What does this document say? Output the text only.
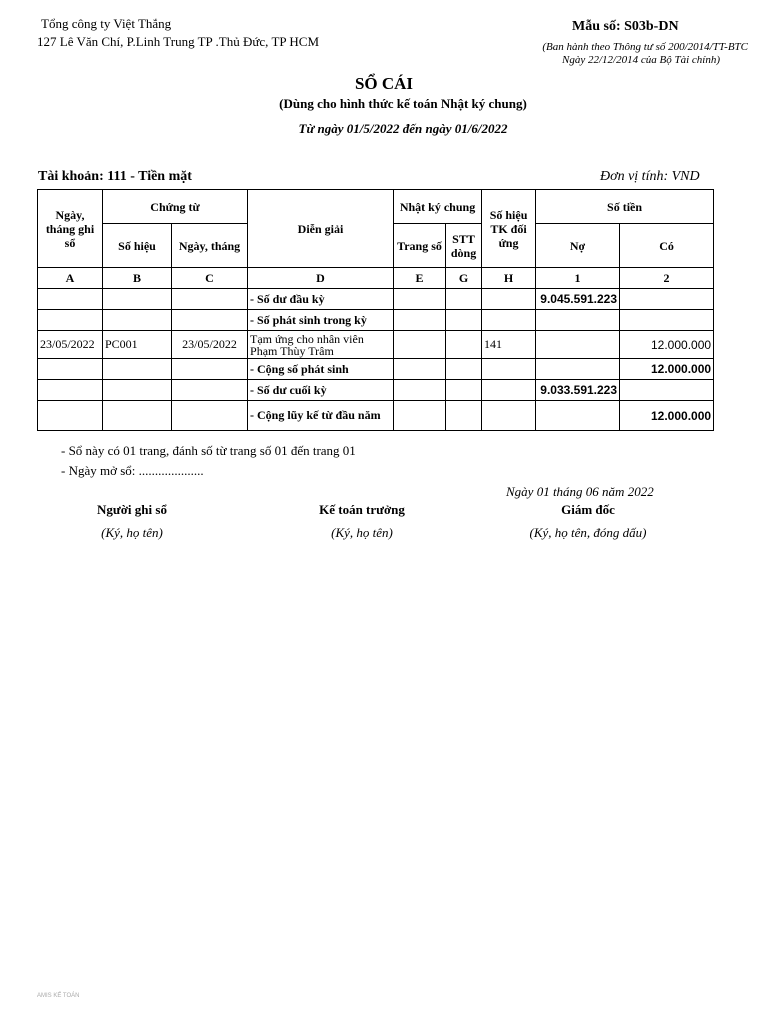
Tổng công ty Việt Thắng
127 Lê Văn Chí, P.Linh Trung TP .Thủ Đức, TP HCM
Mẫu số: S03b-DN
(Ban hành theo Thông tư số 200/2014/TT-BTC
Ngày 22/12/2014 của Bộ Tài chính)
SỔ CÁI
(Dùng cho hình thức kế toán Nhật ký chung)
Từ ngày 01/5/2022 đến ngày 01/6/2022
Tài khoản: 111 - Tiền mặt	Đơn vị tính: VND
Ngày, tháng ghi sổ	Chứng từ		Diễn giải	Nhật ký chung		Số hiệu TK đối ứng	Số tiền	
	Số hiệu	Ngày, tháng		Trang số	STT dòng		Nợ	Có
A	B	C	D	E	G	H	1	2
			- Số dư đầu kỳ				9.045.591.223	
			- Số phát sinh trong kỳ					
23/05/2022	PC001	23/05/2022	Tạm ứng cho nhân viên Phạm Thùy Trâm			141		12.000.000
			- Cộng số phát sinh					12.000.000
			- Số dư cuối kỳ				9.033.591.223	
			- Cộng lũy kế từ đầu năm					12.000.000
- Sổ này có 01 trang, đánh số từ trang số 01 đến trang 01
- Ngày mở sổ: ....................
Ngày 01 tháng 06 năm 2022
Người ghi sổ	Kế toán trưởng	Giám đốc
(Ký, họ tên)	(Ký, họ tên)	(Ký, họ tên, đóng dấu)
AMIS KẾ TOÁN
